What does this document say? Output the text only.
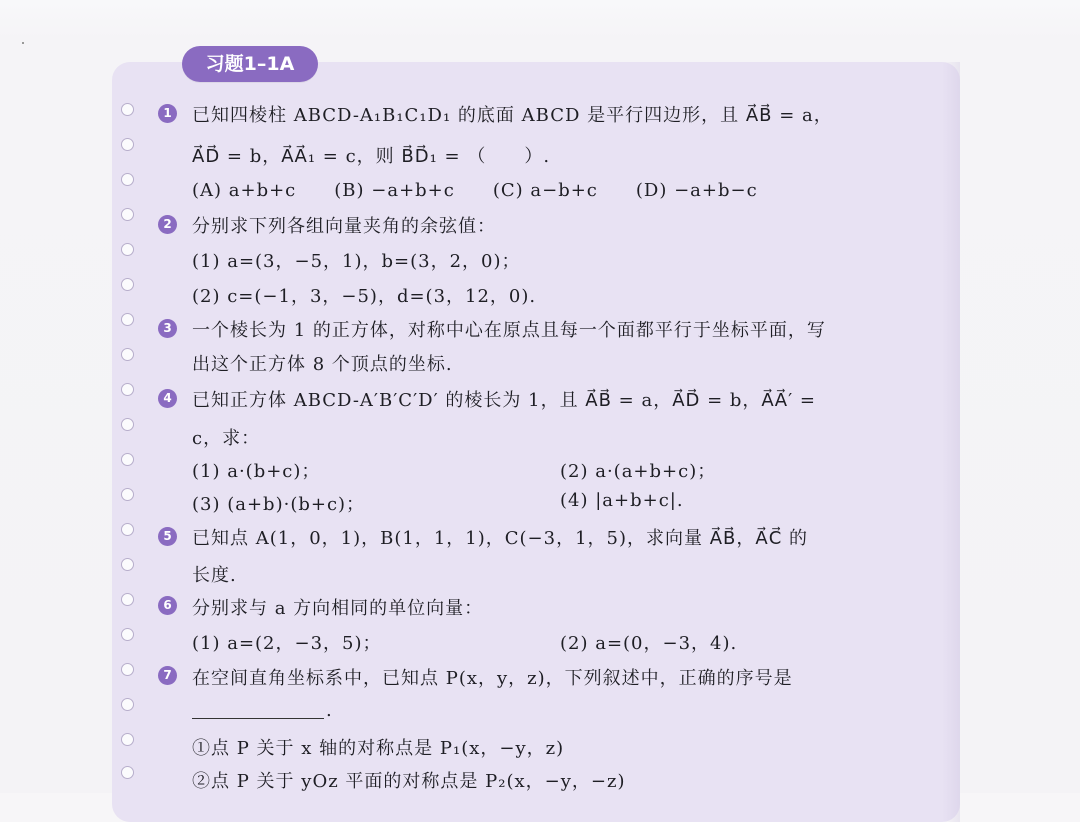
习题1–1A
1
2
3
4
5
6
7
已知四棱柱 ABCD-A₁B₁C₁D₁ 的底面 ABCD 是平行四边形，且 A⃗B⃗ = a，
A⃗D⃗ = b，A⃗A⃗₁ = c，则 B⃗D⃗₁ = （　　）.
(A) a+b+c　　(B) −a+b+c　　(C) a−b+c　　(D) −a+b−c
分别求下列各组向量夹角的余弦值：
(1) a=(3，−5，1)，b=(3，2，0)；
(2) c=(−1，3，−5)，d=(3，12，0).
一个棱长为 1 的正方体，对称中心在原点且每一个面都平行于坐标平面，写
出这个正方体 8 个顶点的坐标.
已知正方体 ABCD-A′B′C′D′ 的棱长为 1，且 A⃗B⃗ = a，A⃗D⃗ = b，A⃗A⃗′ =
c，求：
(1) a·(b+c)；	(2) a·(a+b+c)；
(3) (a+b)·(b+c)；	(4) |a+b+c|.
已知点 A(1，0，1)，B(1，1，1)，C(−3，1，5)，求向量 A⃗B⃗，A⃗C⃗ 的
长度.
分别求与 a 方向相同的单位向量：
(1) a=(2，−3，5)；	(2) a=(0，−3，4).
在空间直角坐标系中，已知点 P(x，y，z)，下列叙述中，正确的序号是
.
①点 P 关于 x 轴的对称点是 P₁(x，−y，z)
②点 P 关于 yOz 平面的对称点是 P₂(x，−y，−z)
